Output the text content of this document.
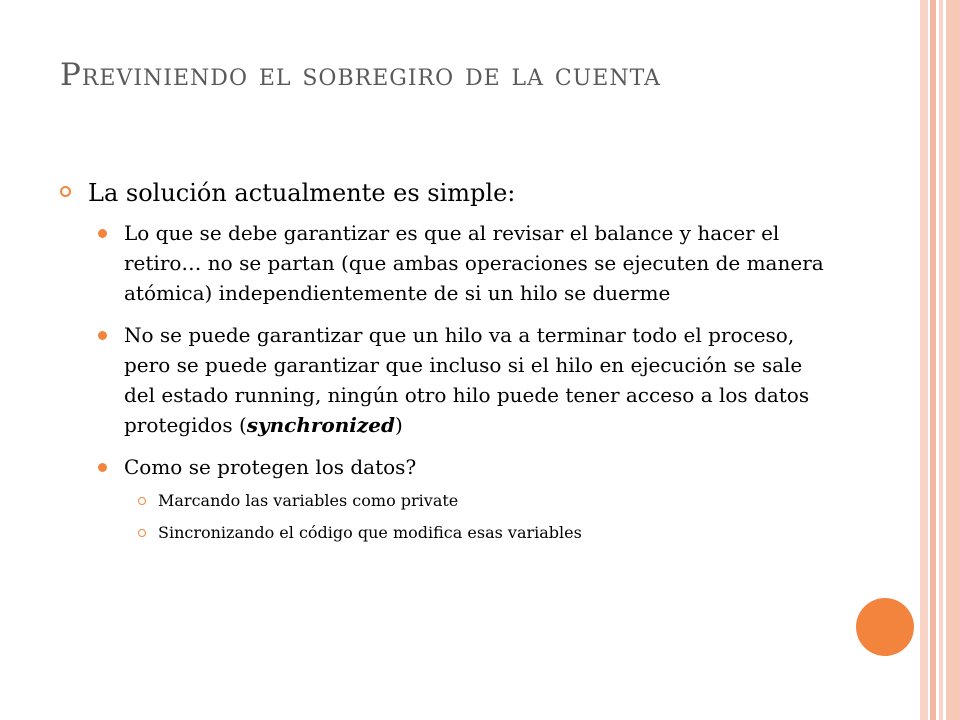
Previniendo el sobregiro de la cuenta
La solución actualmente es simple:
Lo que se debe garantizar es que al revisar el balance y hacer el retiro… no se partan (que ambas operaciones se ejecuten de manera atómica) independientemente de si un hilo se duerme
No se puede garantizar que un hilo va a terminar todo el proceso, pero se puede garantizar que incluso si el hilo en ejecución se sale del estado running, ningún otro hilo puede tener acceso a los datos protegidos (synchronized)
Como se protegen los datos?
Marcando las variables como private
Sincronizando el código que modifica esas variables
